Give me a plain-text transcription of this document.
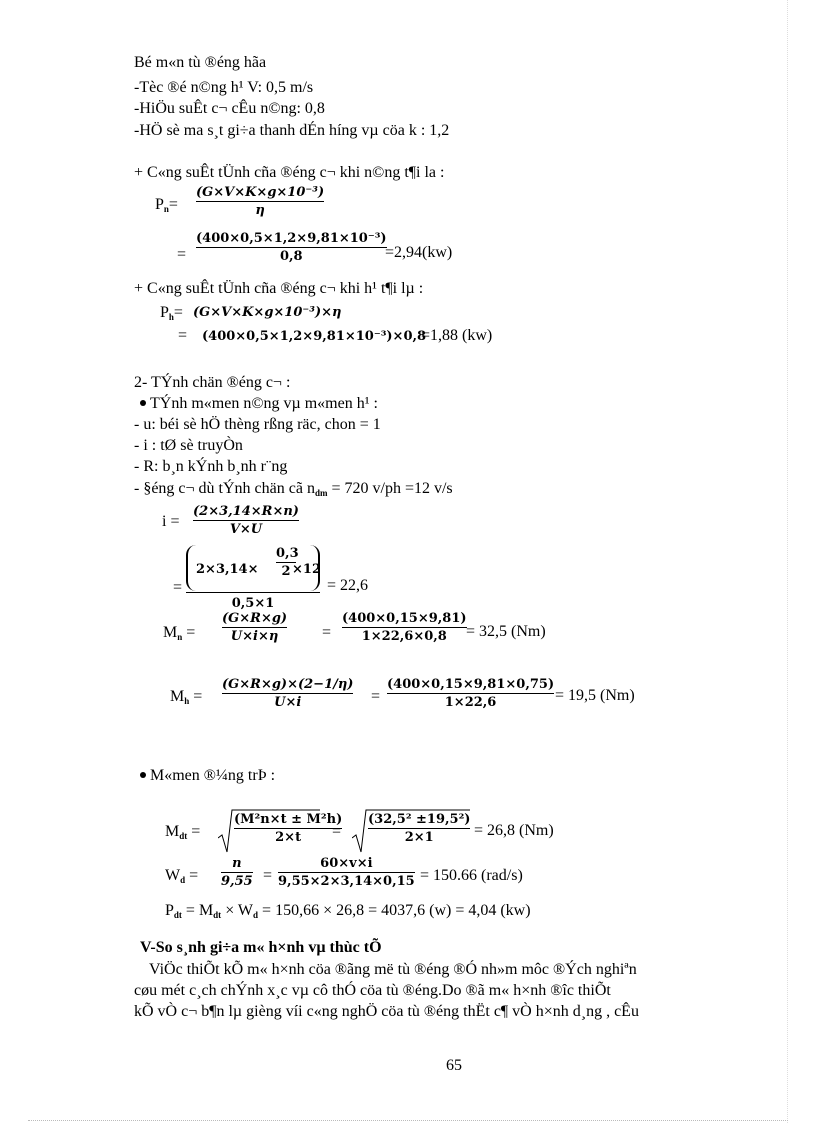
Bé m«n tù ®éng hãa
-Tèc ®é n©ng h¹ V: 0,5 m/s
-HiÖu suÊt c¬ cÊu n©ng: 0,8
-HÖ sè ma s¸t gi÷a thanh dÉn híng vµ cöa k : 1,2
+ C«ng suÊt tÜnh cña ®éng c¬ khi n©ng t¶i la :
$P_n=$
(G×V×K×g×10⁻³)
η
=
(400×0,5×1,2×9,81×10⁻³)
0,8	=2,94(kw)
+ C«ng suÊt tÜnh cña ®éng c¬ khi h¹ t¶i lµ :
$P_h= (G\times V\times K\times g\times 10^{-3})\times\eta$
= (400×0,5×1,2×9,81×10⁻³)×0,8
=1,88 (kw)
2- TÝnh chän ®éng c¬ :
TÝnh m«men n©ng vµ m«men h¹ :
- u: béi sè hÖ thèng rßng räc, chon = 1
- i : tØ sè truyÒn
- R: b¸n kÝnh b¸nh r¨ng
- §éng c¬ dù tÝnh chän cã $n_{dm} = 720$ v/ph =12 v/s
i =
(2×3,14×R×n)
V×U
=
2×3,14×
0,3
2 ×12
0,5×1
= 22,6
$M_n$ =
(G×R×g)
U×i×η	=
(400×0,15×9,81)
1×22,6×0,8	= 32,5 (Nm)
$M_h$ =
(G×R×g)×(2−1/η)
U×i	=
(400×0,15×9,81×0,75)
1×22,6	= 19,5 (Nm)
M«men ®¼ng trÞ :
$M_{dt}$ =
(M²n×t ± M²h)
2×t	=
(32,5² ±19,5²)
2×1	= 26,8 (Nm)
$W_d$ =
n
9,55 =
60×v×i
9,55×2×3,14×0,15 = 150.66 (rad/s)
$P_{dt} = M_{dt} \times W_d = 150,66 \times 26,8 = 4037,6$ (w) = 4,04 (kw)
V-So s¸nh gi÷a m« h×nh vµ thùc tÕ
ViÖc thiÕt kÕ m« h×nh cöa ®ãng më tù ®éng ®Ó nh»m môc ®Ých nghiªn
cøu mét c¸ch chÝnh x¸c vµ cô thÓ cöa tù ®éng.Do ®ã m« h×nh ®îc thiÕt
kÕ vÒ c¬ b¶n lµ gièng víi c«ng nghÖ cöa tù ®éng thËt c¶ vÒ h×nh d¸ng , cÊu
65
